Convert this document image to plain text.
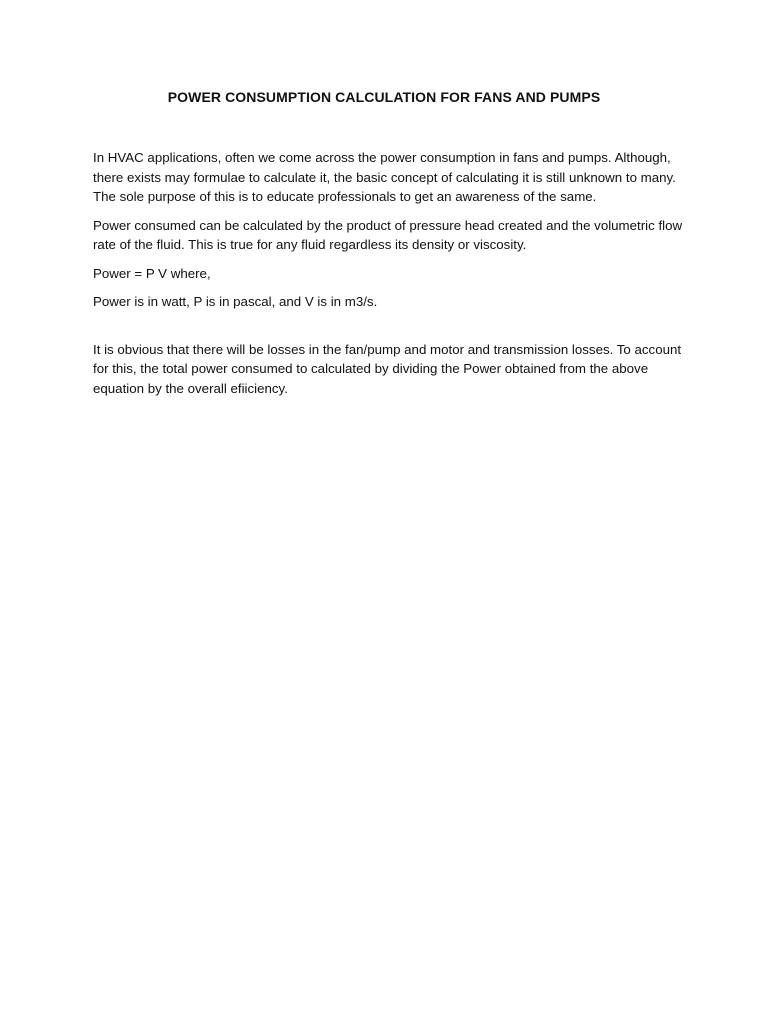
POWER CONSUMPTION CALCULATION FOR FANS AND PUMPS

In HVAC applications, often we come across the power consumption in fans and pumps. Although, there exists may formulae to calculate it, the basic concept of calculating it is still unknown to many. The sole purpose of this is to educate professionals to get an awareness of the same.

Power consumed can be calculated by the product of pressure head created and the volumetric flow rate of the fluid. This is true for any fluid regardless its density or viscosity.

Power = P V where,

Power is in watt, P is in pascal, and V is in m3/s.

It is obvious that there will be losses in the fan/pump and motor and transmission losses. To account for this, the total power consumed to calculated by dividing the Power obtained from the above equation by the overall efiiciency.
